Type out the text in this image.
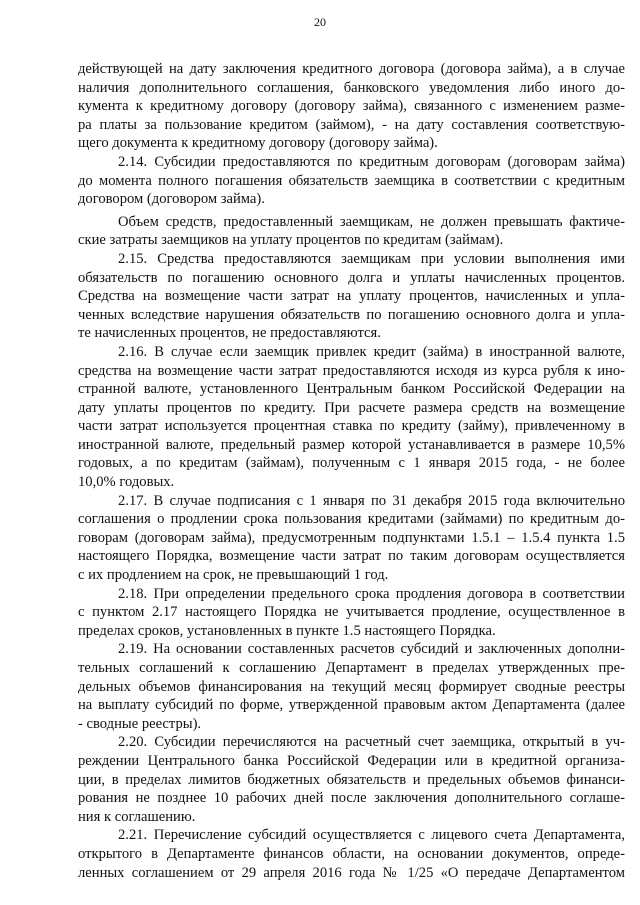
20
действующей на дату заключения кредитного договора (договора займа), а в случае
наличия дополнительного соглашения, банковского уведомления либо иного до-
кумента к кредитному договору (договору займа), связанного с изменением разме-
ра платы за пользование кредитом (займом), - на дату составления соответствую-
щего документа к кредитному договору (договору займа).
2.14. Субсидии предоставляются по кредитным договорам (договорам займа)
до момента полного погашения обязательств заемщика в соответствии с кредитным
договором (договором займа).
Объем средств, предоставленный заемщикам, не должен превышать фактиче-
ские затраты заемщиков на уплату процентов по кредитам (займам).
2.15. Средства предоставляются заемщикам при условии выполнения ими
обязательств по погашению основного долга и уплаты начисленных процентов.
Средства на возмещение части затрат на уплату процентов, начисленных и упла-
ченных вследствие нарушения обязательств по погашению основного долга и упла-
те начисленных процентов, не предоставляются.
2.16. В случае если заемщик привлек кредит (займа) в иностранной валюте,
средства на возмещение части затрат предоставляются исходя из курса рубля к ино-
странной валюте, установленного Центральным банком Российской Федерации на
дату уплаты процентов по кредиту. При расчете размера средств на возмещение
части затрат используется процентная ставка по кредиту (займу), привлеченному в
иностранной валюте, предельный размер которой устанавливается в размере 10,5%
годовых, а по кредитам (займам), полученным с 1 января 2015 года, - не более
10,0% годовых.
2.17. В случае подписания с 1 января по 31 декабря 2015 года включительно
соглашения о продлении срока пользования кредитами (займами) по кредитным до-
говорам (договорам займа), предусмотренным подпунктами 1.5.1 – 1.5.4 пункта 1.5
настоящего Порядка, возмещение части затрат по таким договорам осуществляется
с их продлением на срок, не превышающий 1 год.
2.18. При определении предельного срока продления договора в соответствии
с пунктом 2.17 настоящего Порядка не учитывается продление, осуществленное в
пределах сроков, установленных в пункте 1.5 настоящего Порядка.
2.19. На основании составленных расчетов субсидий и заключенных дополни-
тельных соглашений к соглашению Департамент в пределах утвержденных пре-
дельных объемов финансирования на текущий месяц формирует сводные реестры
на выплату субсидий по форме, утвержденной правовым актом Департамента (далее
- сводные реестры).
2.20. Субсидии перечисляются на расчетный счет заемщика, открытый в уч-
реждении Центрального банка Российской Федерации или в кредитной организа-
ции, в пределах лимитов бюджетных обязательств и предельных объемов финанси-
рования не позднее 10 рабочих дней после заключения дополнительного соглаше-
ния к соглашению.
2.21. Перечисление субсидий осуществляется с лицевого счета Департамента,
открытого в Департаменте финансов области, на основании документов, опреде-
ленных соглашением от 29 апреля 2016 года № 1/25 «О передаче Департаментом
